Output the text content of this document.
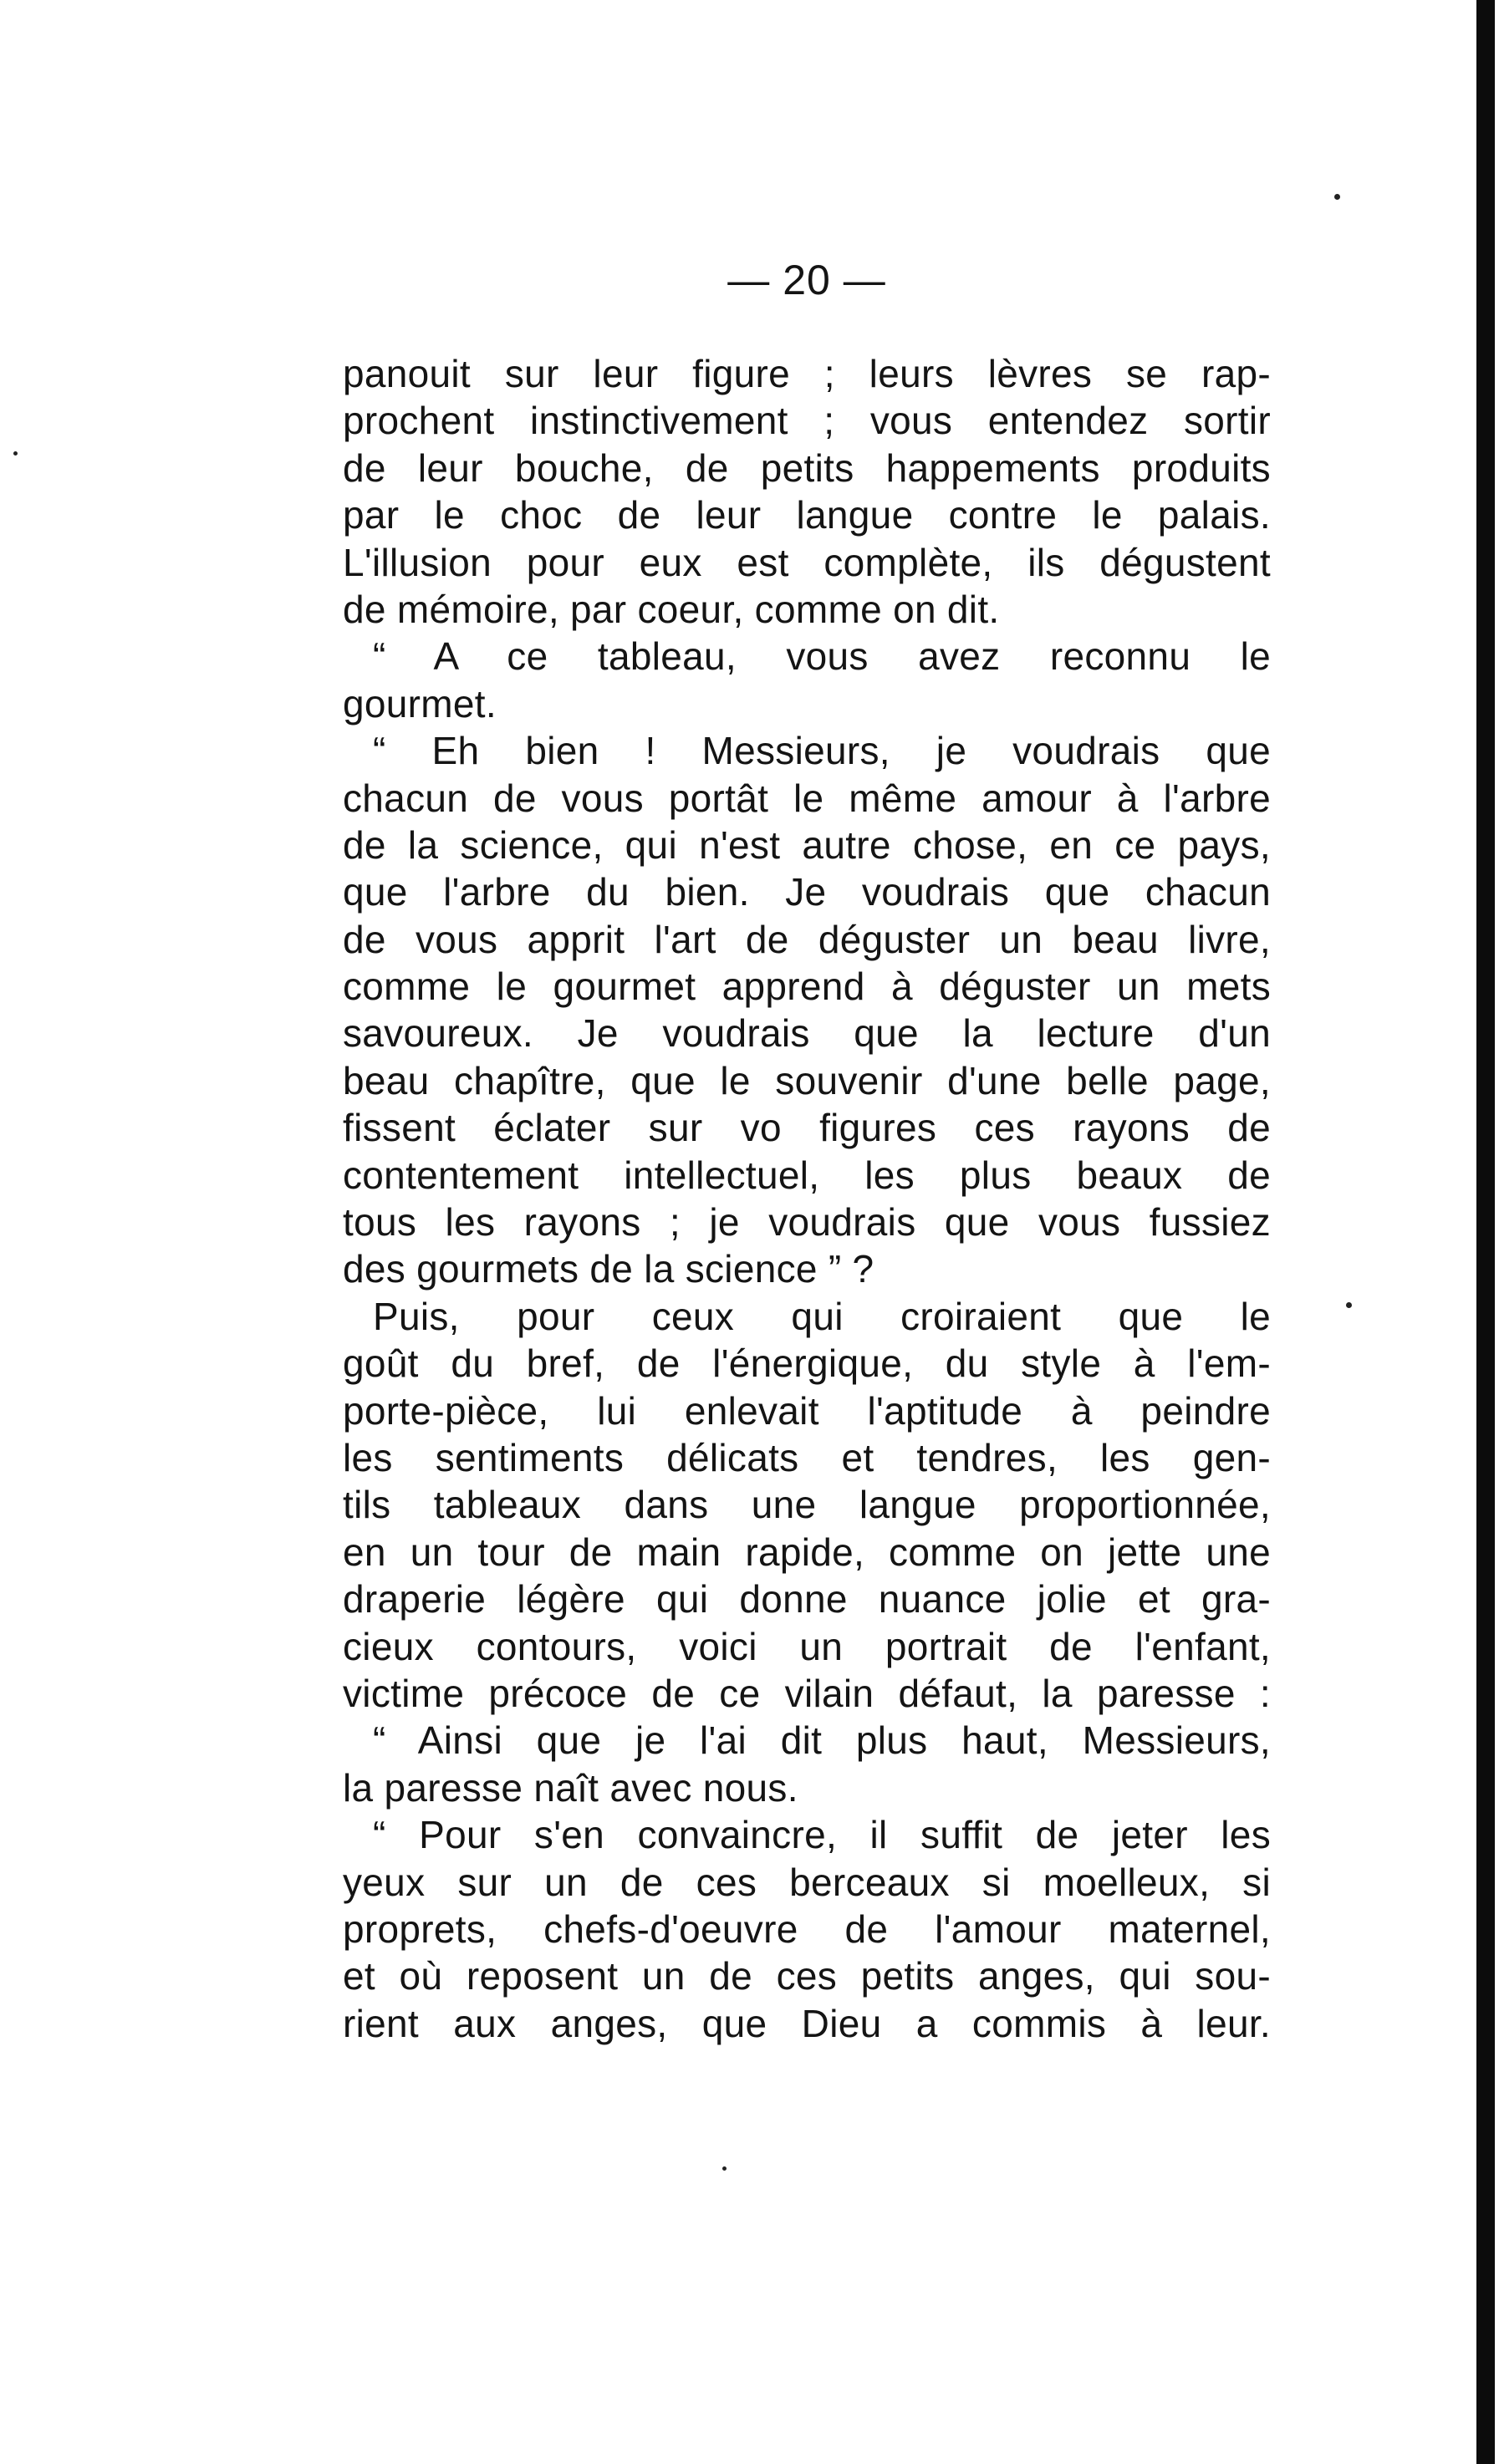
— 20 —
panouit sur leur figure ; leurs lèvres se rap-
prochent instinctivement ; vous entendez sortir
de leur bouche, de petits happements produits
par le choc de leur langue contre le palais.
L'illusion pour eux est complète, ils dégustent
de mémoire, par coeur, comme on dit.
“ A ce tableau, vous avez reconnu le
gourmet.
“ Eh bien ! Messieurs, je voudrais que
chacun de vous portât le même amour à l'arbre
de la science, qui n'est autre chose, en ce pays,
que l'arbre du bien. Je voudrais que chacun
de vous apprit l'art de déguster un beau livre,
comme le gourmet apprend à déguster un mets
savoureux. Je voudrais que la lecture d'un
beau chapître, que le souvenir d'une belle page,
fissent éclater sur vo figures ces rayons de
contentement intellectuel, les plus beaux de
tous les rayons ; je voudrais que vous fussiez
des gourmets de la science ” ?
Puis, pour ceux qui croiraient que le
goût du bref, de l'énergique, du style à l'em-
porte-pièce, lui enlevait l'aptitude à peindre
les sentiments délicats et tendres, les gen-
tils tableaux dans une langue proportionnée,
en un tour de main rapide, comme on jette une
draperie légère qui donne nuance jolie et gra-
cieux contours, voici un portrait de l'enfant,
victime précoce de ce vilain défaut, la paresse :
“ Ainsi que je l'ai dit plus haut, Messieurs,
la paresse naît avec nous.
“ Pour s'en convaincre, il suffit de jeter les
yeux sur un de ces berceaux si moelleux, si
proprets, chefs-d'oeuvre de l'amour maternel,
et où reposent un de ces petits anges, qui sou-
rient aux anges, que Dieu a commis à leur.
